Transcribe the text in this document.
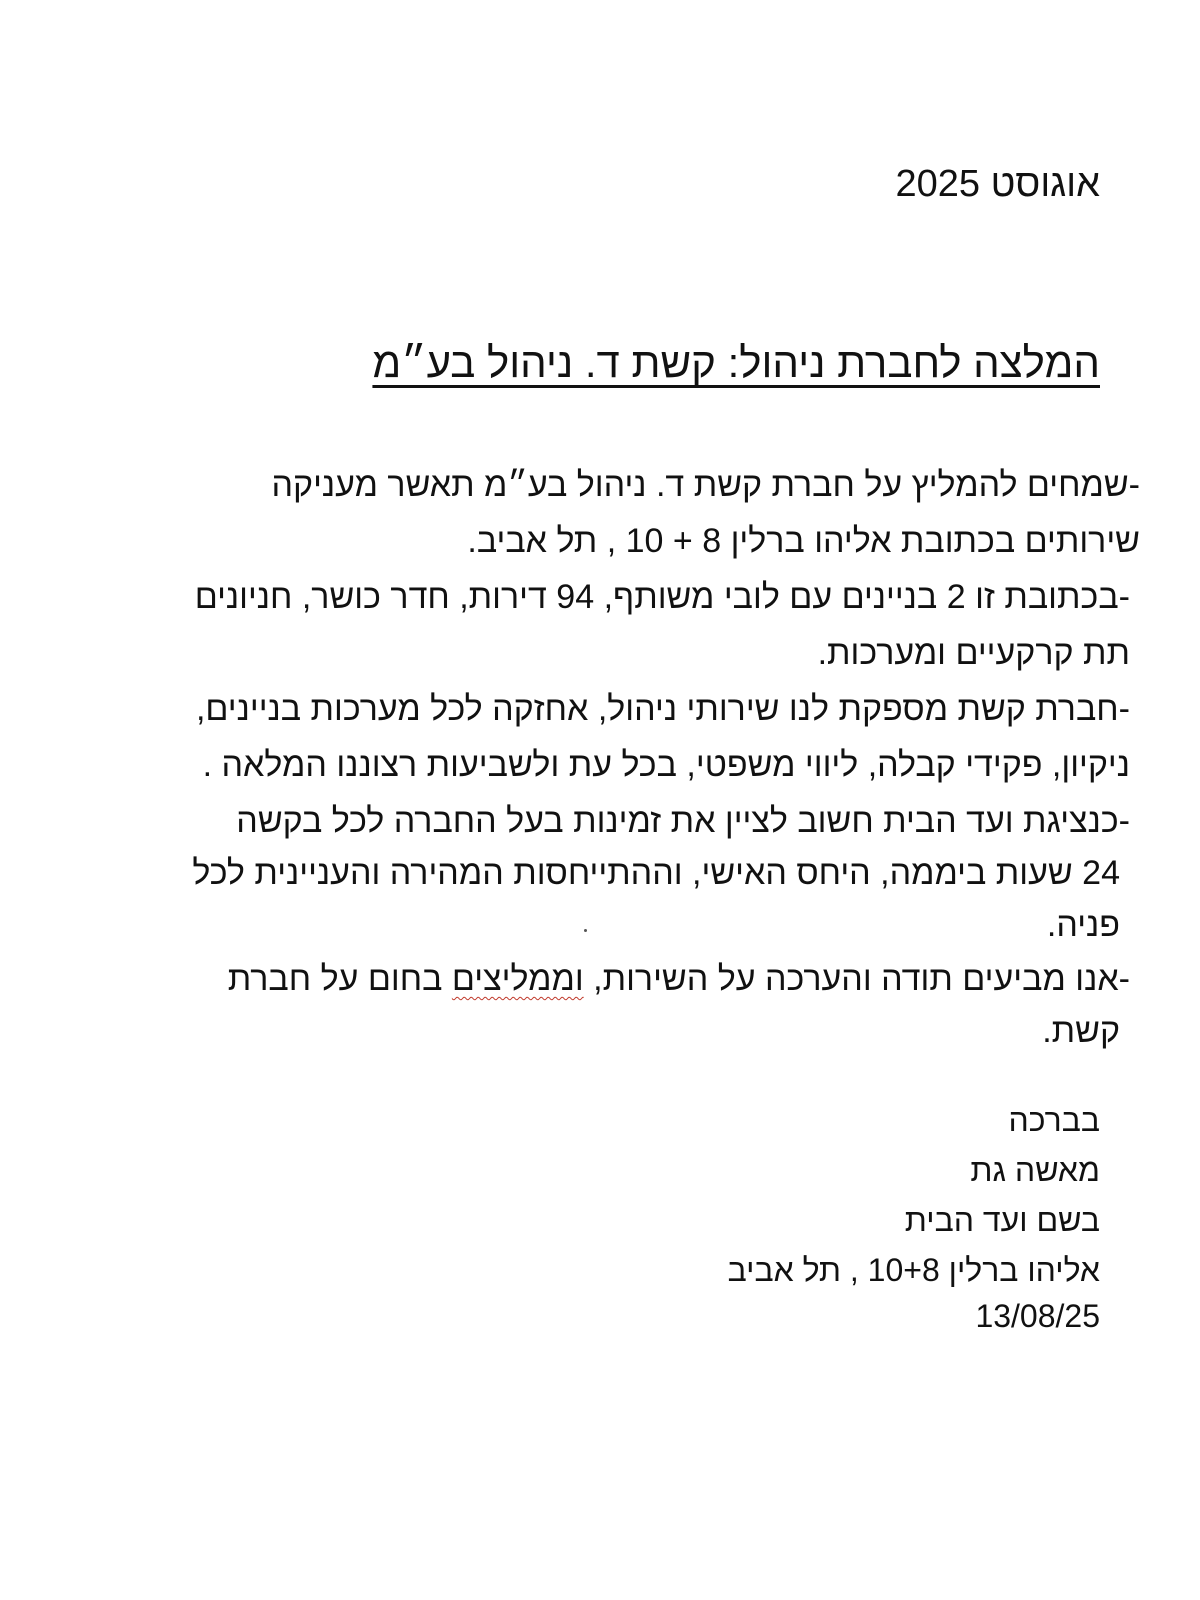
אוגוסט 2025
המלצה לחברת ניהול: קשת ד. ניהול בע״מ
-שמחים להמליץ על חברת קשת ד. ניהול בע״מ תאשר מעניקה
שירותים בכתובת אליהו ברלין 8 + 10 , תל אביב.
-בכתובת זו 2 בניינים עם לובי משותף, 94 דירות, חדר כושר, חניונים
תת קרקעיים ומערכות.
-חברת קשת מספקת לנו שירותי ניהול, אחזקה לכל מערכות בניינים,
ניקיון, פקידי קבלה, ליווי משפטי, בכל עת ולשביעות רצוננו המלאה .
-כנציגת ועד הבית חשוב לציין את זמינות בעל החברה לכל בקשה
24 שעות ביממה, היחס האישי, וההתייחסות המהירה והעניינית לכל
פניה.
-אנו מביעים תודה והערכה על השירות, וממליצים בחום על חברת
קשת.
בברכה
מאשה גת
בשם ועד הבית
אליהו ברלין 10+8 , תל אביב
13/08/25
